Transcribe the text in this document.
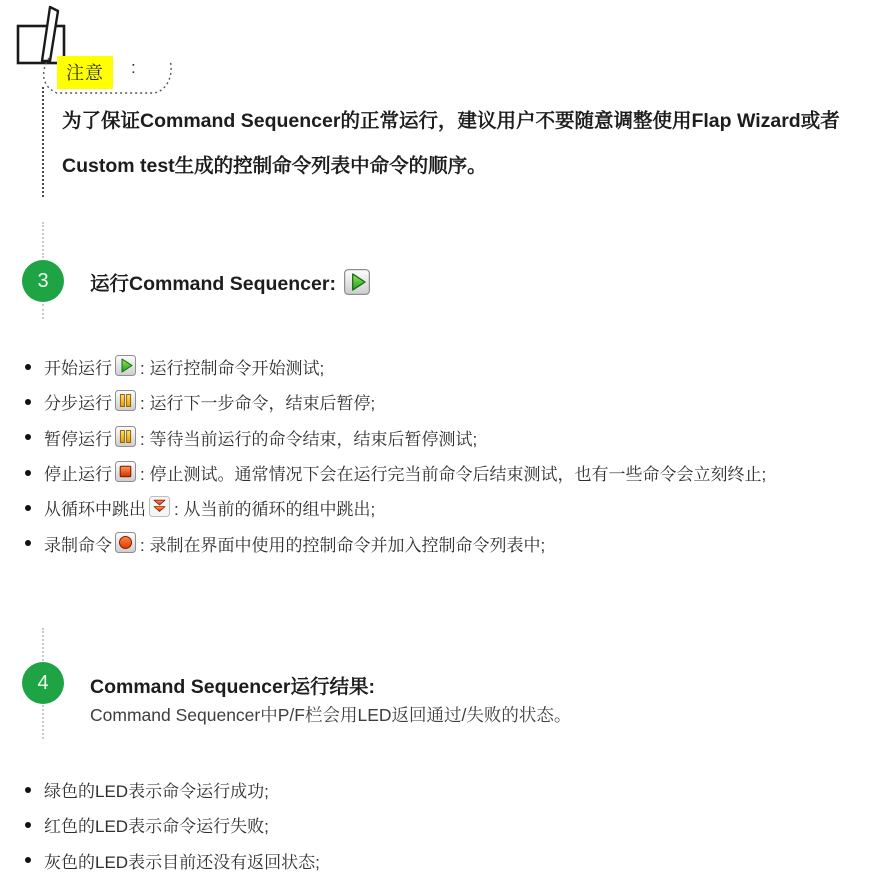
注意	:
为了保证Command Sequencer的正常运行，建议用户不要随意调整使用Flap Wizard或者
Custom test生成的控制命令列表中命令的顺序。
3	运行Command Sequencer:
开始运行 : 运行控制命令开始测试;
分步运行 : 运行下一步命令，结束后暂停;
暂停运行 : 等待当前运行的命令结束，结束后暂停测试;
停止运行 : 停止测试。通常情况下会在运行完当前命令后结束测试，也有一些命令会立刻终止;
从循环中跳出 : 从当前的循环的组中跳出;
录制命令 : 录制在界面中使用的控制命令并加入控制命令列表中;
4	Command Sequencer运行结果:
Command Sequencer中P/F栏会用LED返回通过/失败的状态。
绿色的LED表示命令运行成功;
红色的LED表示命令运行失败;
灰色的LED表示目前还没有返回状态;
